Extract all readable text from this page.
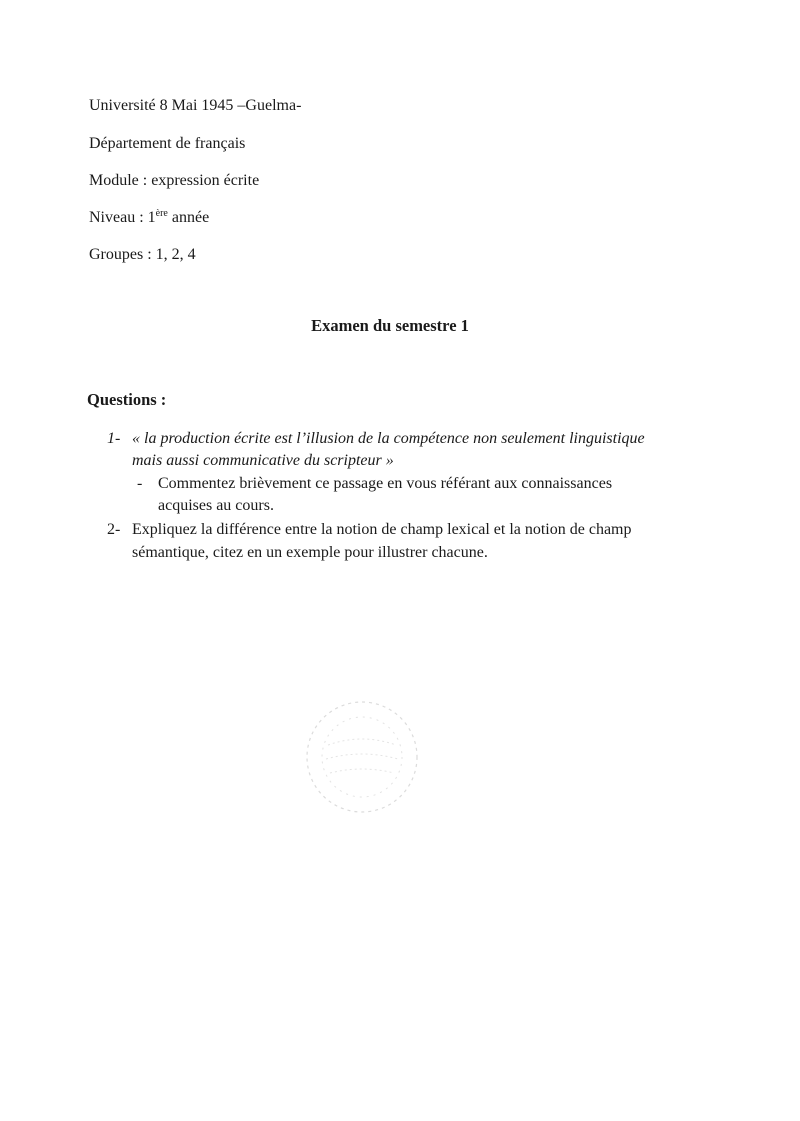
Université 8 Mai 1945 –Guelma-
Département de français
Module : expression écrite
Niveau : 1ère année
Groupes : 1, 2, 4
Examen du semestre 1
Questions :
1- « la production écrite est l’illusion de la compétence non seulement linguistique
mais aussi communicative du scripteur »
- Commentez brièvement ce passage en vous référant aux connaissances
acquises au cours.
2- Expliquez la différence entre la notion de champ lexical et la notion de champ
sémantique, citez en un exemple pour illustrer chacune.
